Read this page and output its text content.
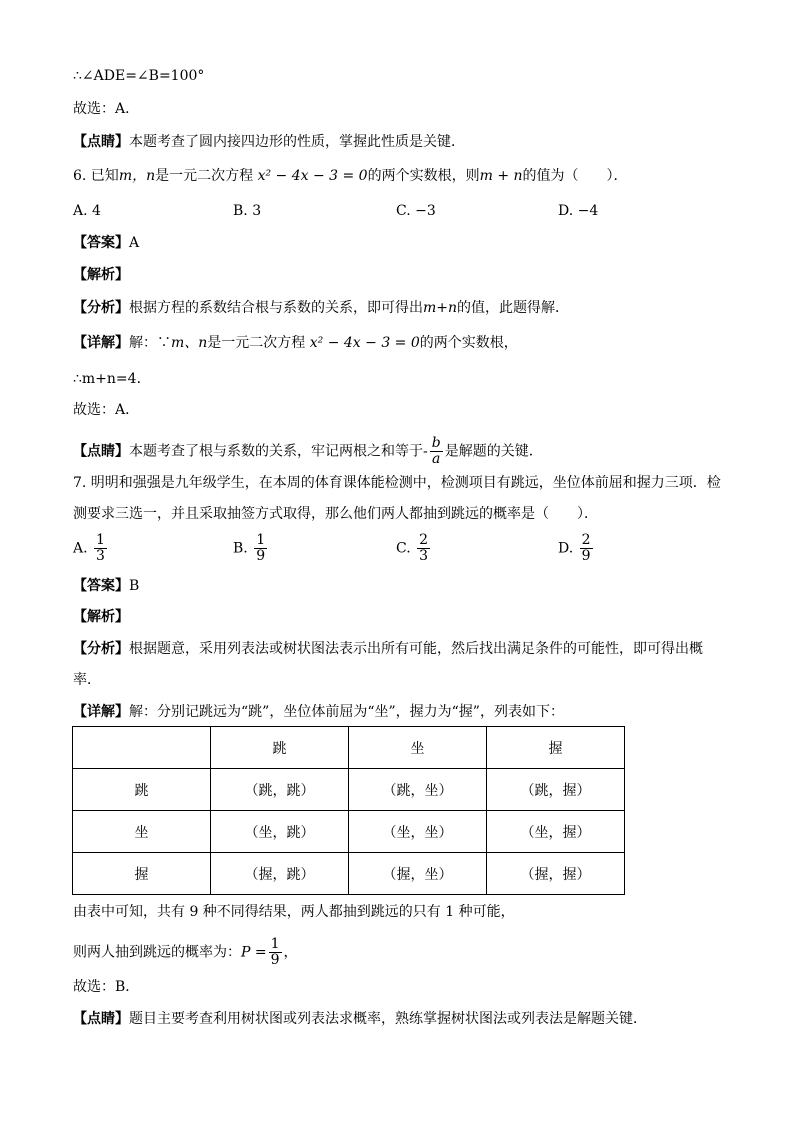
∴∠ADE=∠B=100°
故选：A．
【点睛】本题考查了圆内接四边形的性质，掌握此性质是关键．
6. 已知m，n是一元二次方程 x² − 4x − 3 = 0的两个实数根，则m + n的值为（　　）．
A. 4	B. 3	C. −3	D. −4
【答案】A
【解析】
【分析】根据方程的系数结合根与系数的关系，即可得出m+n的值，此题得解．
【详解】解：∵m、n是一元二次方程 x² − 4x − 3 = 0的两个实数根，
∴m+n=4．
故选：A．
【点睛】本题考查了根与系数的关系，牢记两根之和等于- $\frac{b}{a}$ 是解题的关键．
7. 明明和强强是九年级学生，在本周的体育课体能检测中，检测项目有跳远，坐位体前屈和握力三项．检
测要求三选一，并且采取抽签方式取得，那么他们两人都抽到跳远的概率是（　　）．
A. $\frac{1}{3}$	B. $\frac{1}{9}$	C. $\frac{2}{3}$	D. $\frac{2}{9}$
【答案】B
【解析】
【分析】根据题意，采用列表法或树状图法表示出所有可能，然后找出满足条件的可能性，即可得出概
率．
【详解】解：分别记跳远为“跳”，坐位体前屈为“坐”，握力为“握”，列表如下：
	跳	坐	握
跳	（跳，跳）	（跳，坐）	（跳，握）
坐	（坐，跳）	（坐，坐）	（坐，握）
握	（握，跳）	（握，坐）	（握，握）
由表中可知，共有 9 种不同得结果，两人都抽到跳远的只有 1 种可能，
则两人抽到跳远的概率为：$P = \frac{1}{9}$ ，
故选：B．
【点睛】题目主要考查利用树状图或列表法求概率，熟练掌握树状图法或列表法是解题关键．
